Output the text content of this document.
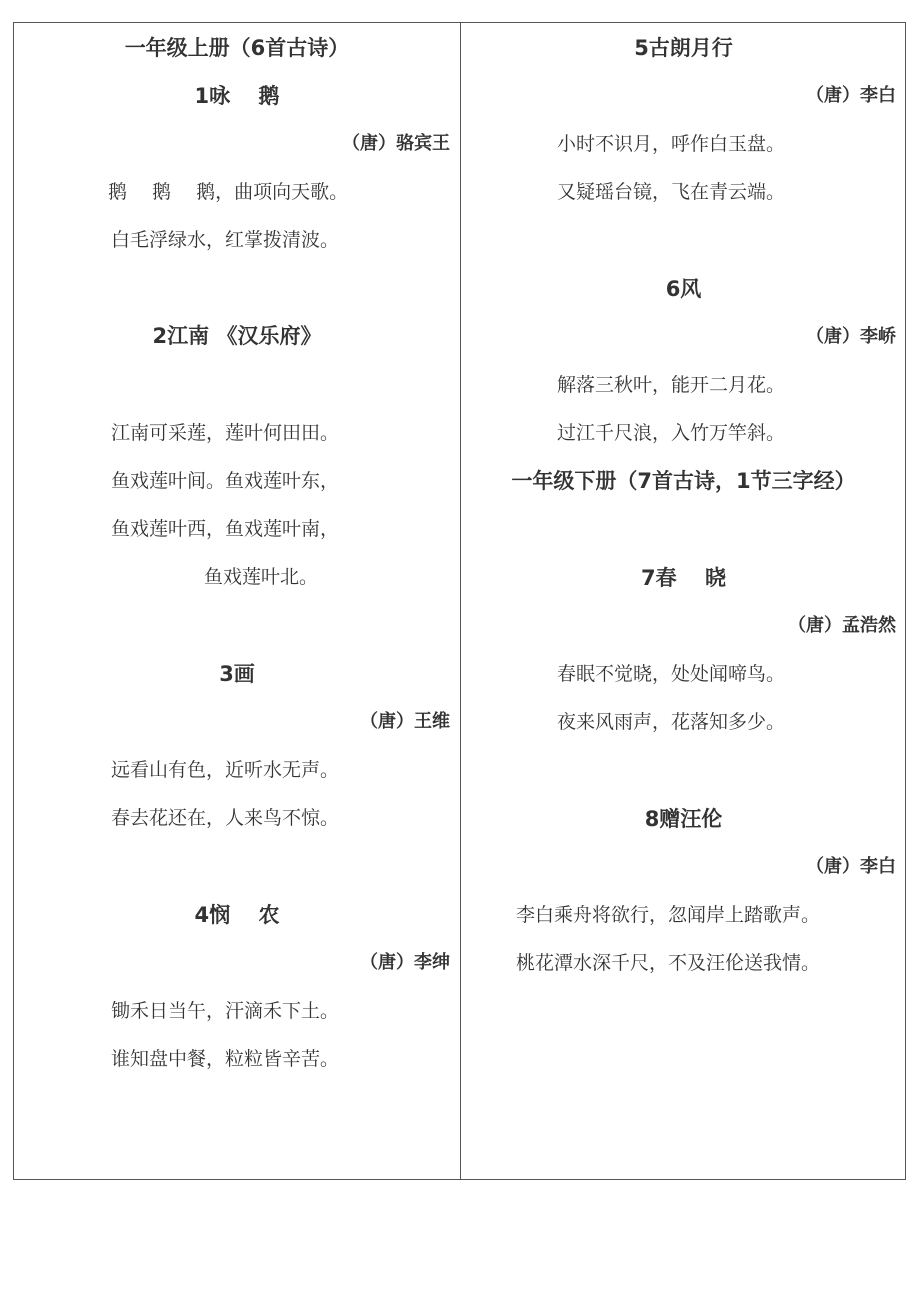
一年级上册（6首古诗）
1咏　 鹅
（唐）骆宾王
鹅　 鹅　 鹅，曲项向天歌。
白毛浮绿水，红掌拨清波。
2江南 《汉乐府》
江南可采莲，莲叶何田田。
鱼戏莲叶间。鱼戏莲叶东，
鱼戏莲叶西，鱼戏莲叶南，
鱼戏莲叶北。
3画
（唐）王维
远看山有色，近听水无声。
春去花还在，人来鸟不惊。
4悯　 农
（唐）李绅
锄禾日当午，汗滴禾下土。
谁知盘中餐，粒粒皆辛苦。
5古朗月行
（唐）李白
小时不识月，呼作白玉盘。
又疑瑶台镜，飞在青云端。
6风
（唐）李峤
解落三秋叶，能开二月花。
过江千尺浪，入竹万竿斜。
一年级下册（7首古诗，1节三字经）
7春　 晓
（唐）孟浩然
春眠不觉晓，处处闻啼鸟。
夜来风雨声，花落知多少。
8赠汪伦
（唐）李白
李白乘舟将欲行，忽闻岸上踏歌声。
桃花潭水深千尺，不及汪伦送我情。
